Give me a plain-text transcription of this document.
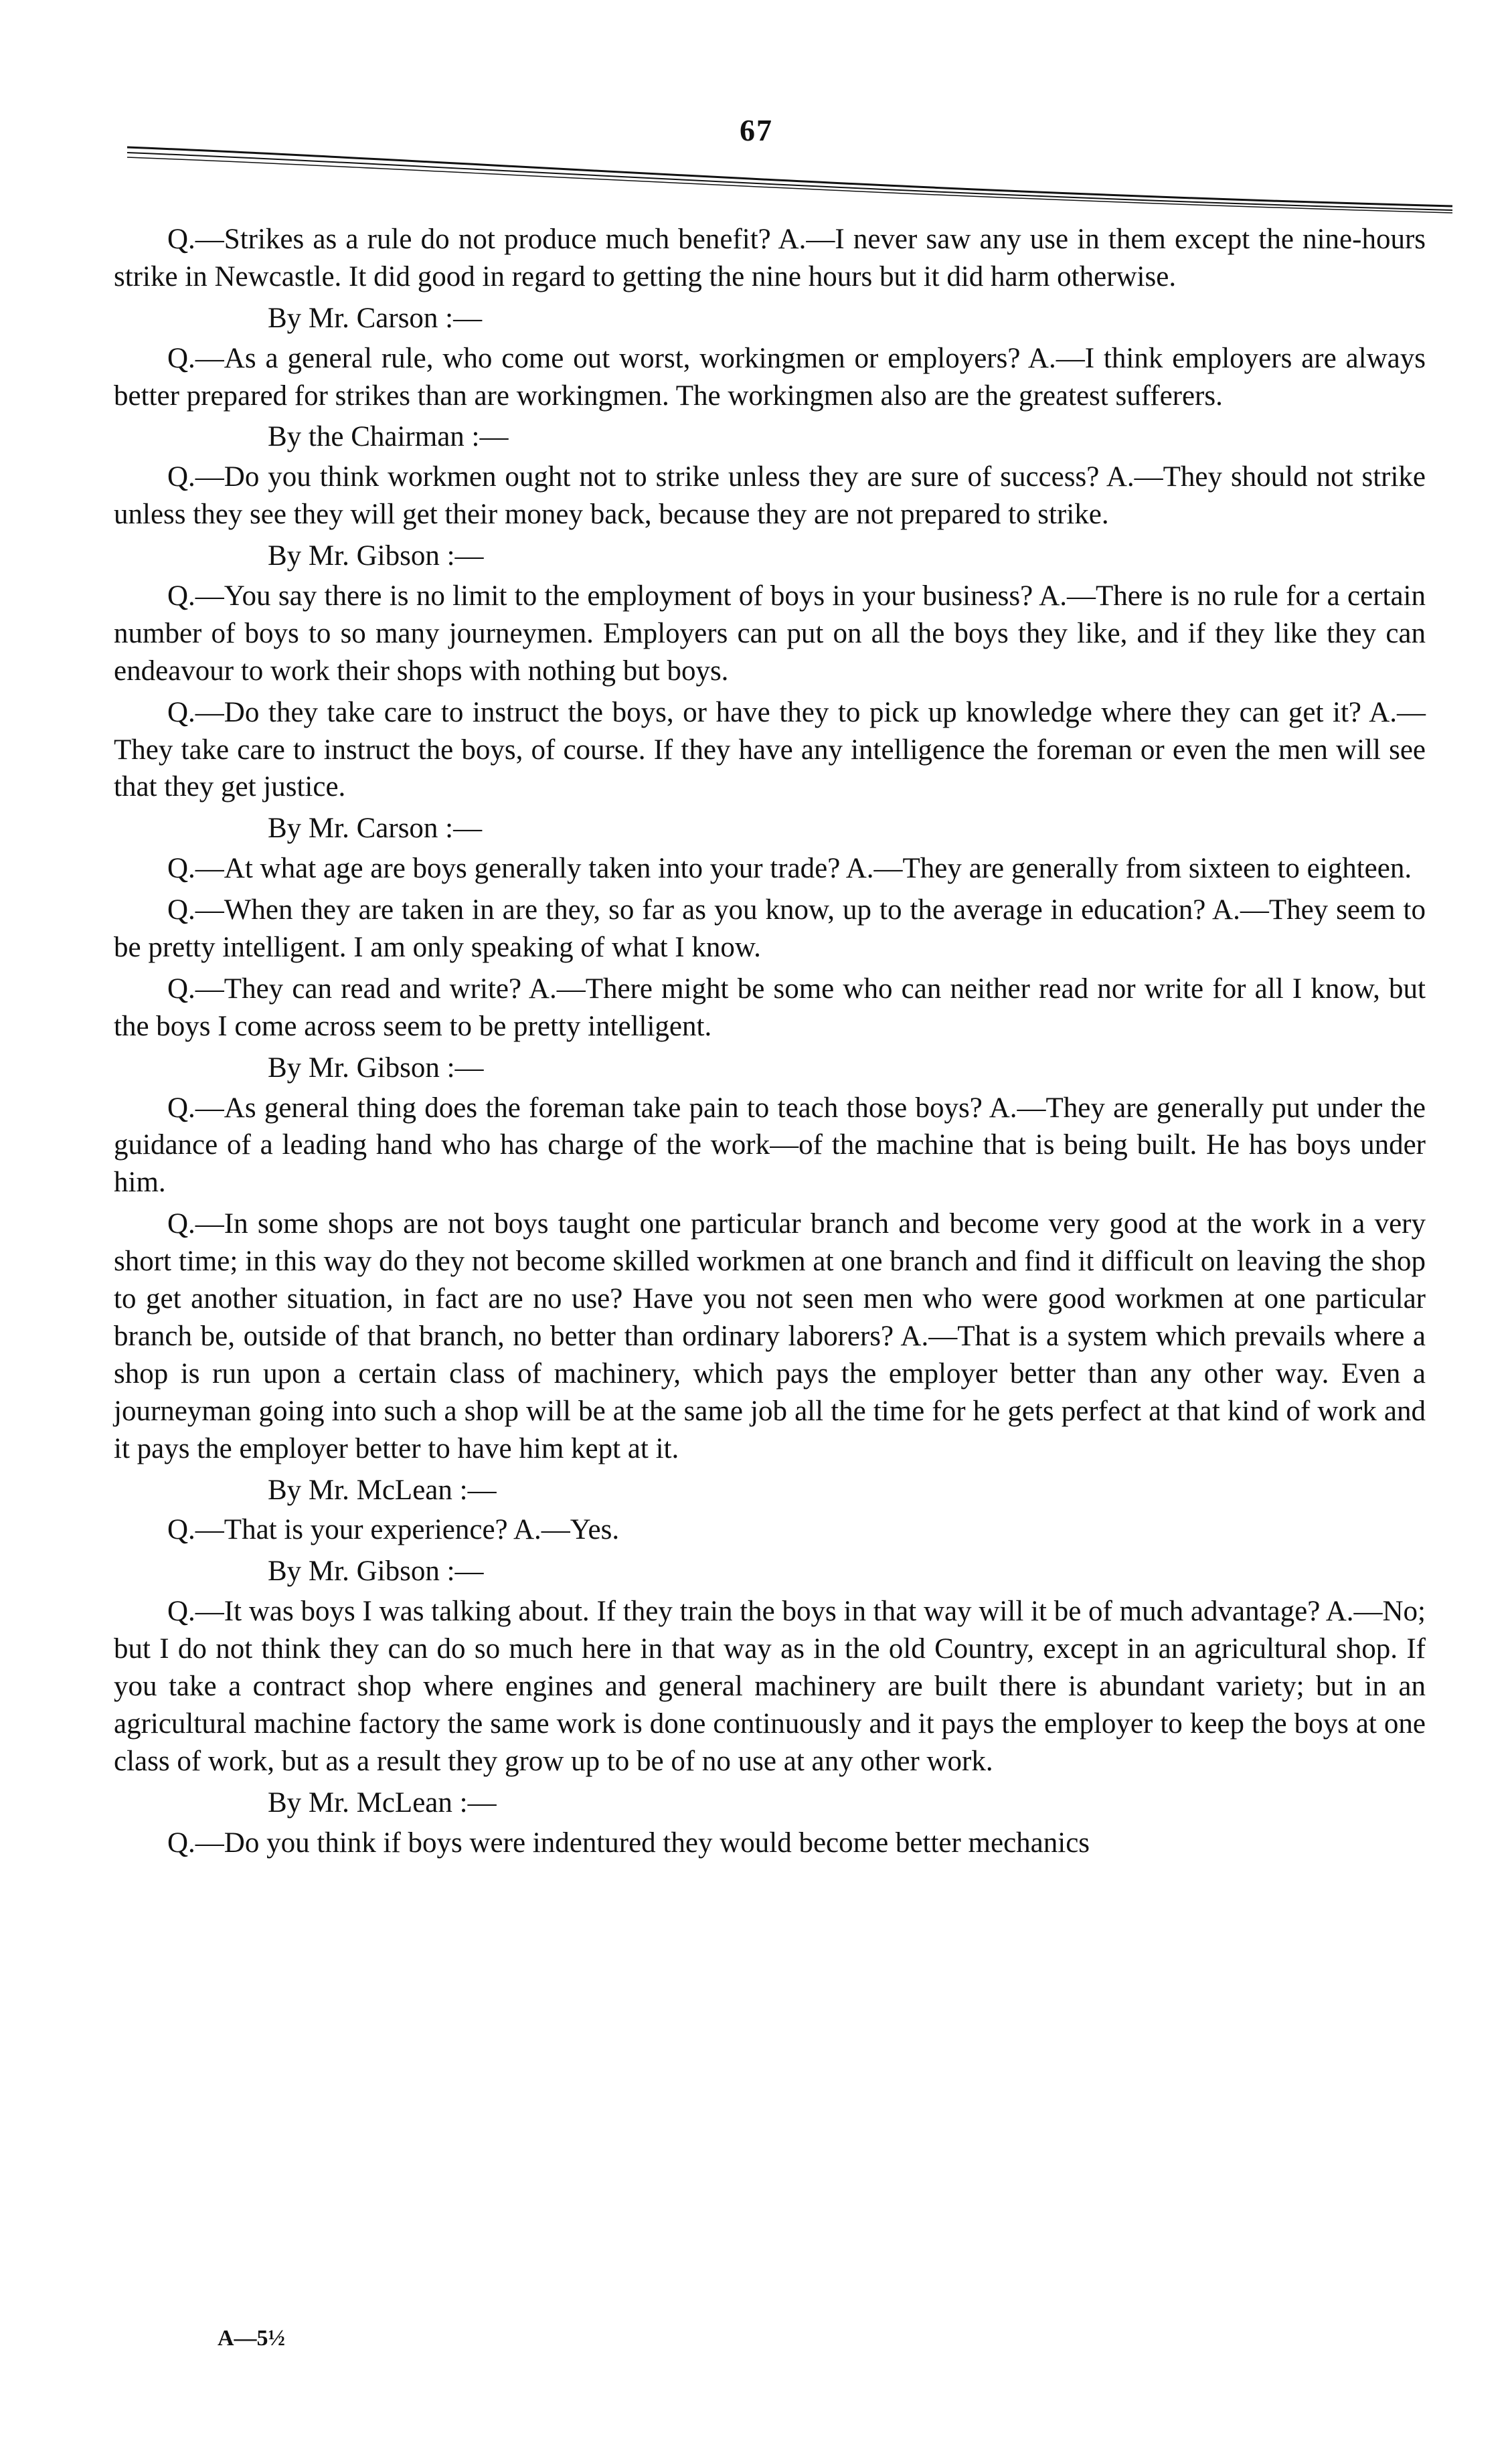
67
Q.—Strikes as a rule do not produce much benefit? A.—I never saw any use in them except the nine-hours strike in Newcastle. It did good in regard to getting the nine hours but it did harm otherwise.
By Mr. Carson :—
Q.—As a general rule, who come out worst, workingmen or employers? A.—I think employers are always better prepared for strikes than are workingmen. The workingmen also are the greatest sufferers.
By the Chairman :—
Q.—Do you think workmen ought not to strike unless they are sure of success? A.—They should not strike unless they see they will get their money back, because they are not prepared to strike.
By Mr. Gibson :—
Q.—You say there is no limit to the employment of boys in your business? A.—There is no rule for a certain number of boys to so many journeymen. Employers can put on all the boys they like, and if they like they can endeavour to work their shops with nothing but boys.
Q.—Do they take care to instruct the boys, or have they to pick up knowledge where they can get it? A.—They take care to instruct the boys, of course. If they have any intelligence the foreman or even the men will see that they get justice.
By Mr. Carson :—
Q.—At what age are boys generally taken into your trade? A.—They are generally from sixteen to eighteen.
Q.—When they are taken in are they, so far as you know, up to the average in education? A.—They seem to be pretty intelligent. I am only speaking of what I know.
Q.—They can read and write? A.—There might be some who can neither read nor write for all I know, but the boys I come across seem to be pretty intelligent.
By Mr. Gibson :—
Q.—As general thing does the foreman take pain to teach those boys? A.—They are generally put under the guidance of a leading hand who has charge of the work—of the machine that is being built. He has boys under him.
Q.—In some shops are not boys taught one particular branch and become very good at the work in a very short time; in this way do they not become skilled workmen at one branch and find it difficult on leaving the shop to get another situation, in fact are no use? Have you not seen men who were good workmen at one particular branch be, outside of that branch, no better than ordinary laborers? A.—That is a system which prevails where a shop is run upon a certain class of machinery, which pays the employer better than any other way. Even a journeyman going into such a shop will be at the same job all the time for he gets perfect at that kind of work and it pays the employer better to have him kept at it.
By Mr. McLean :—
Q.—That is your experience? A.—Yes.
By Mr. Gibson :—
Q.—It was boys I was talking about. If they train the boys in that way will it be of much advantage? A.—No; but I do not think they can do so much here in that way as in the old Country, except in an agricultural shop. If you take a contract shop where engines and general machinery are built there is abundant variety; but in an agricultural machine factory the same work is done continuously and it pays the employer to keep the boys at one class of work, but as a result they grow up to be of no use at any other work.
By Mr. McLean :—
Q.—Do you think if boys were indentured they would become better mechanics
A—5½
